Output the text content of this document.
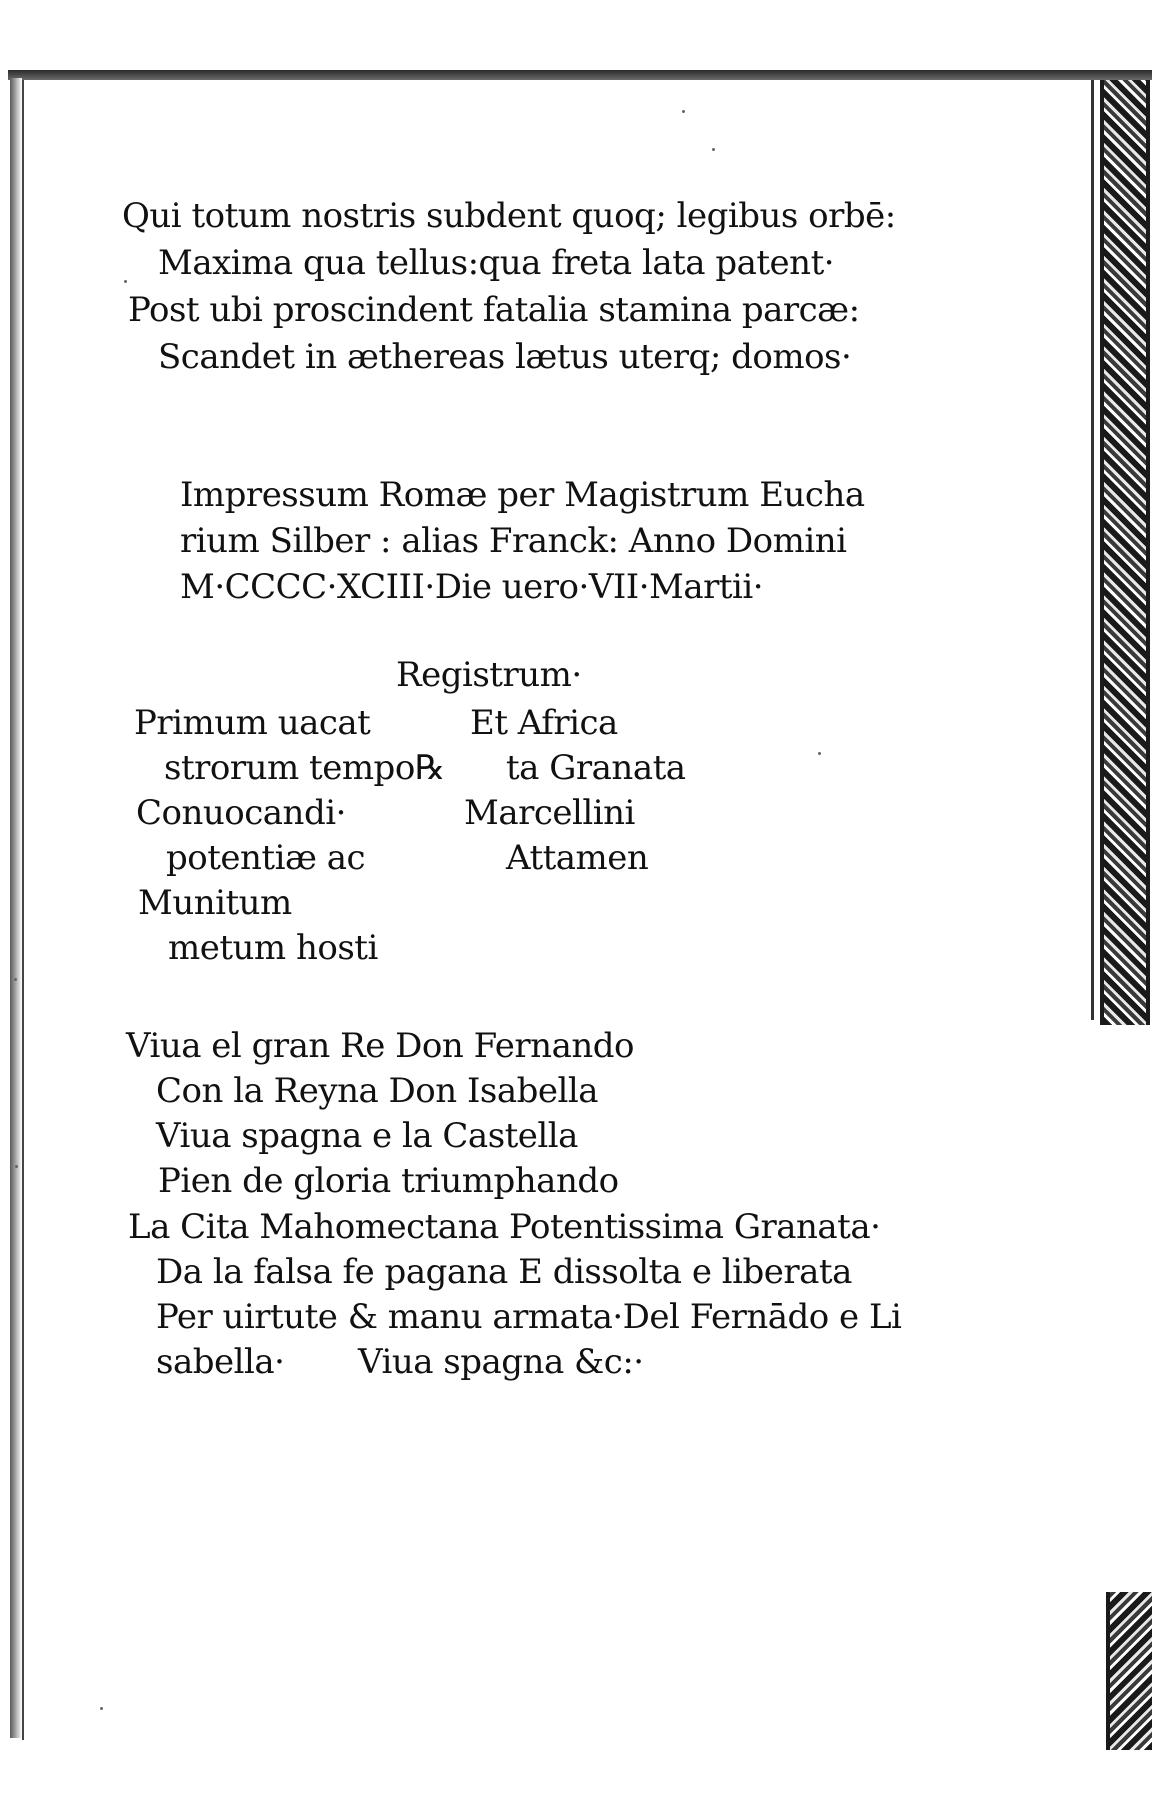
Qui totum nostris subdent quoq; legibus orbē:
Maxima qua tellus:qua freta lata patent·
Post ubi proscindent fatalia stamina parcæ:
Scandet in æthereas lætus uterq; domos·
Impressum Romæ per Magistrum Eucha
rium Silber : alias Franck: Anno Domini
M·CCCC·XCIII·Die uero·VII·Martii·
Registrum·
Primum uacat
strorum tempo℞
Conuocandi·
potentiæ ac
Munitum
metum hosti
Et Africa
ta Granata
Marcellini
Attamen
Viua el gran Re Don Fernando
Con la Reyna Don Isabella
Viua spagna e la Castella
Pien de gloria triumphando
La Cita Mahomectana Potentissima Granata·
Da la falsa fe pagana E dissolta e liberata
Per uirtute & manu armata·Del Fernādo e Li
sabella· Viua spagna &c:·
